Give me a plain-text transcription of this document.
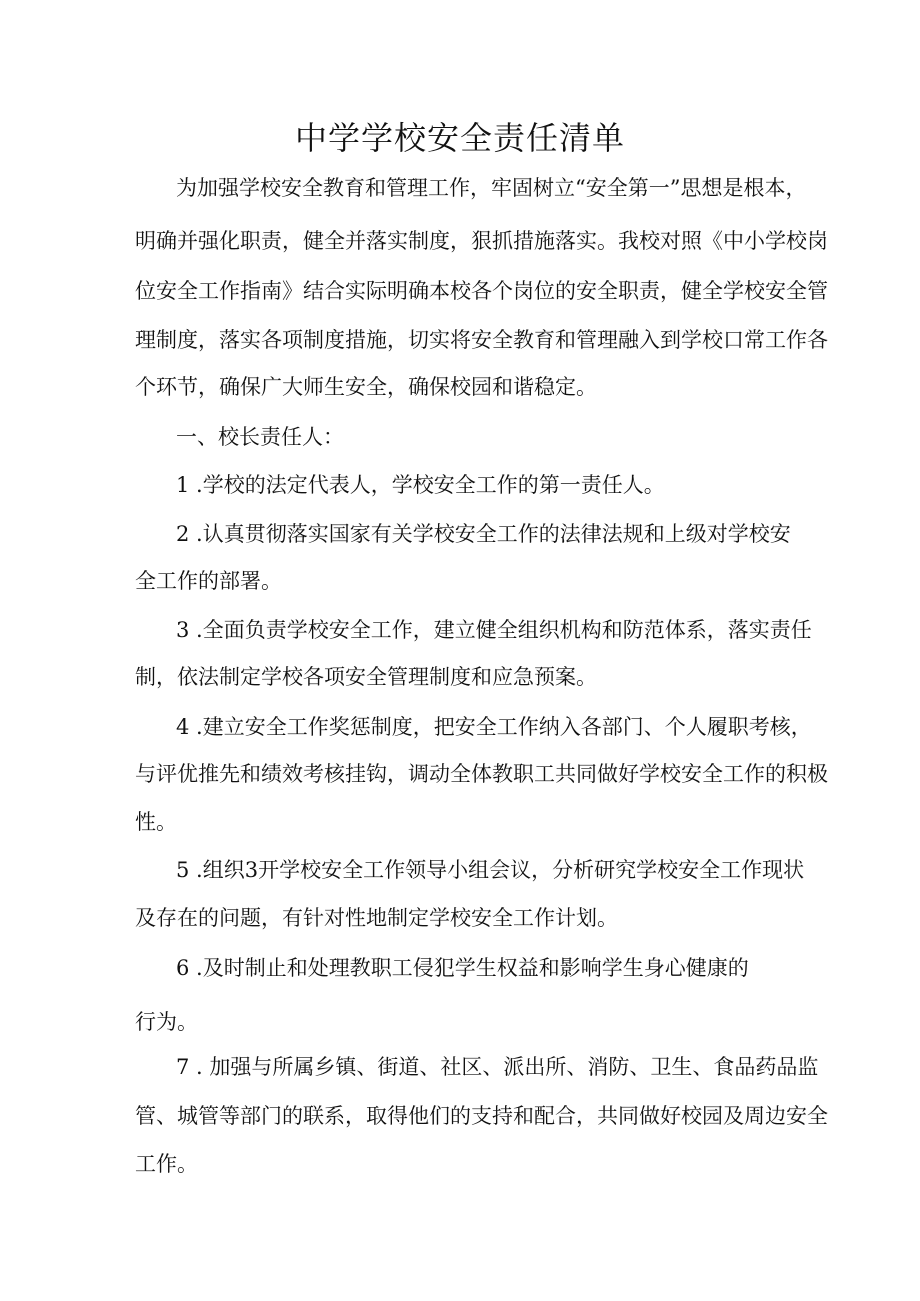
中学学校安全责任清单
为加强学校安全教育和管理工作，牢固树立“安全第一”思想是根本，
明确并强化职责，健全并落实制度，狠抓措施落实。我校对照《中小学校岗
位安全工作指南》结合实际明确本校各个岗位的安全职责，健全学校安全管
理制度，落实各项制度措施，切实将安全教育和管理融入到学校口常工作各
个环节，确保广大师生安全，确保校园和谐稳定。
一、校长责任人：
1 .学校的法定代表人，学校安全工作的第一责任人。
2 .认真贯彻落实国家有关学校安全工作的法律法规和上级对学校安
全工作的部署。
3 .全面负责学校安全工作，建立健全组织机构和防范体系，落实责任
制，依法制定学校各项安全管理制度和应急预案。
4 .建立安全工作奖惩制度，把安全工作纳入各部门、个人履职考核，
与评优推先和绩效考核挂钩，调动全体教职工共同做好学校安全工作的积极
性。
5 .组织3开学校安全工作领导小组会议，分析研究学校安全工作现状
及存在的问题，有针对性地制定学校安全工作计划。
6 .及时制止和处理教职工侵犯学生权益和影响学生身心健康的
行为。
7 . 加强与所属乡镇、街道、社区、派出所、消防、卫生、食品药品监
管、城管等部门的联系，取得他们的支持和配合，共同做好校园及周边安全
工作。
